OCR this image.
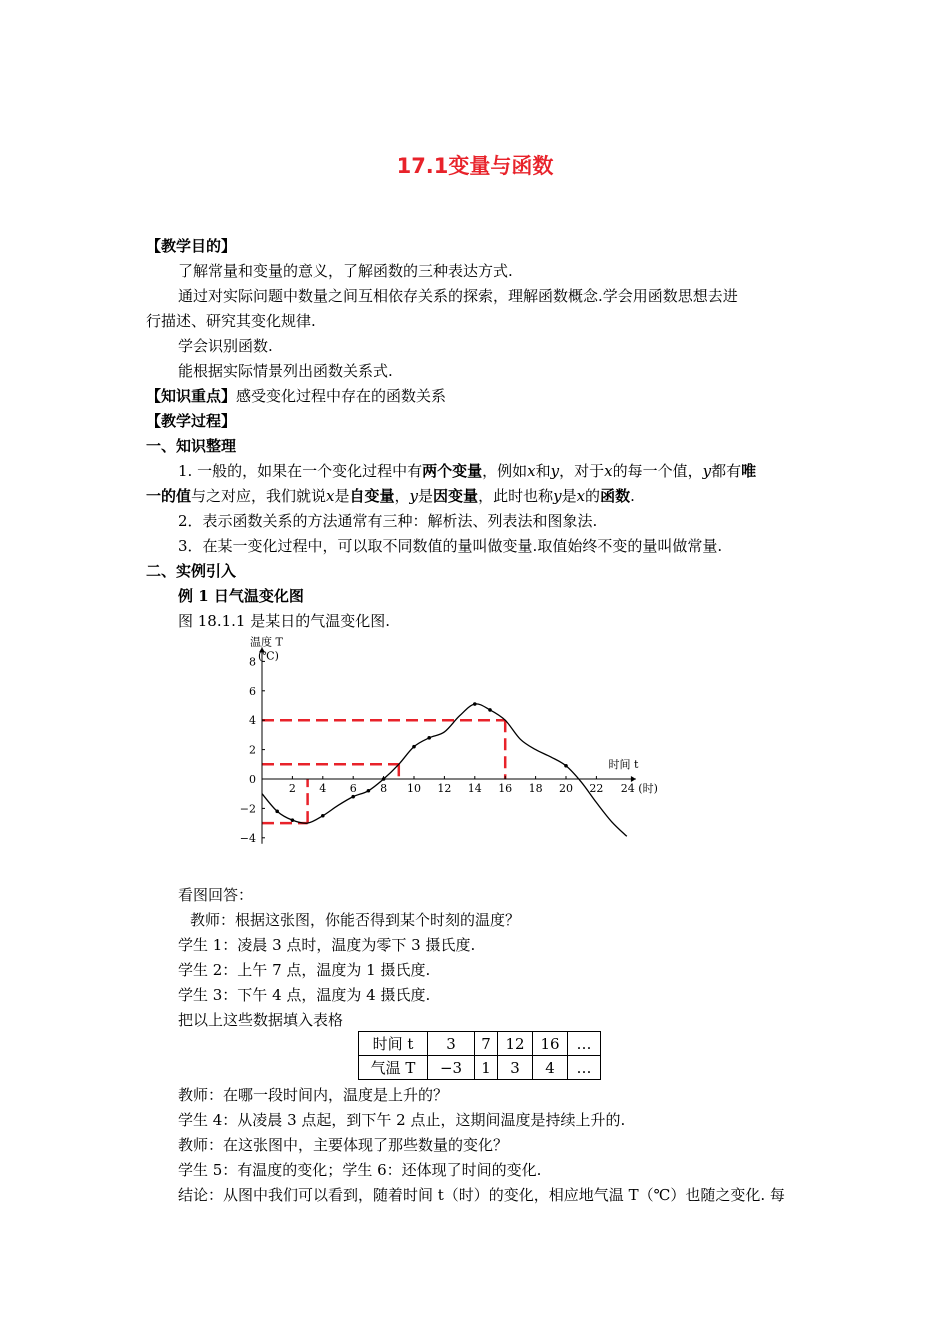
17.1变量与函数
【教学目的】
了解常量和变量的意义，了解函数的三种表达方式.
通过对实际问题中数量之间互相依存关系的探索，理解函数概念.学会用函数思想去进
行描述、研究其变化规律.
学会识别函数.
能根据实际情景列出函数关系式.
【知识重点】感受变化过程中存在的函数关系
【教学过程】
一、知识整理
1. 一般的，如果在一个变化过程中有两个变量，例如x和y，对于x的每一个值，y都有唯
一的值与之对应，我们就说x是自变量，y是因变量，此时也称y是x的函数.
2．表示函数关系的方法通常有三种：解析法、列表法和图象法.
3．在某一变化过程中，可以取不同数值的量叫做变量.取值始终不变的量叫做常量.
二、实例引入
例 1 日气温变化图
图 18.1.1 是某日的气温变化图.
2 4 6 8 10 12 14 16 18 20 22 24 (时)
8
6
4
2
0
−2
−4
温度 T
(℃)
时间 t
看图回答：
教师：根据这张图，你能否得到某个时刻的温度？
学生 1：凌晨 3 点时，温度为零下 3 摄氏度.
学生 2：上午 7 点，温度为 1 摄氏度.
学生 3：下午 4 点，温度为 4 摄氏度.
把以上这些数据填入表格
时间 t	3	7	12	16	…
气温 T	−3	1	3	4	…
教师：在哪一段时间内，温度是上升的？
学生 4：从凌晨 3 点起，到下午 2 点止，这期间温度是持续上升的.
教师：在这张图中，主要体现了那些数量的变化？
学生 5：有温度的变化；学生 6：还体现了时间的变化.
结论：从图中我们可以看到，随着时间 t（时）的变化，相应地气温 T（℃）也随之变化. 每
